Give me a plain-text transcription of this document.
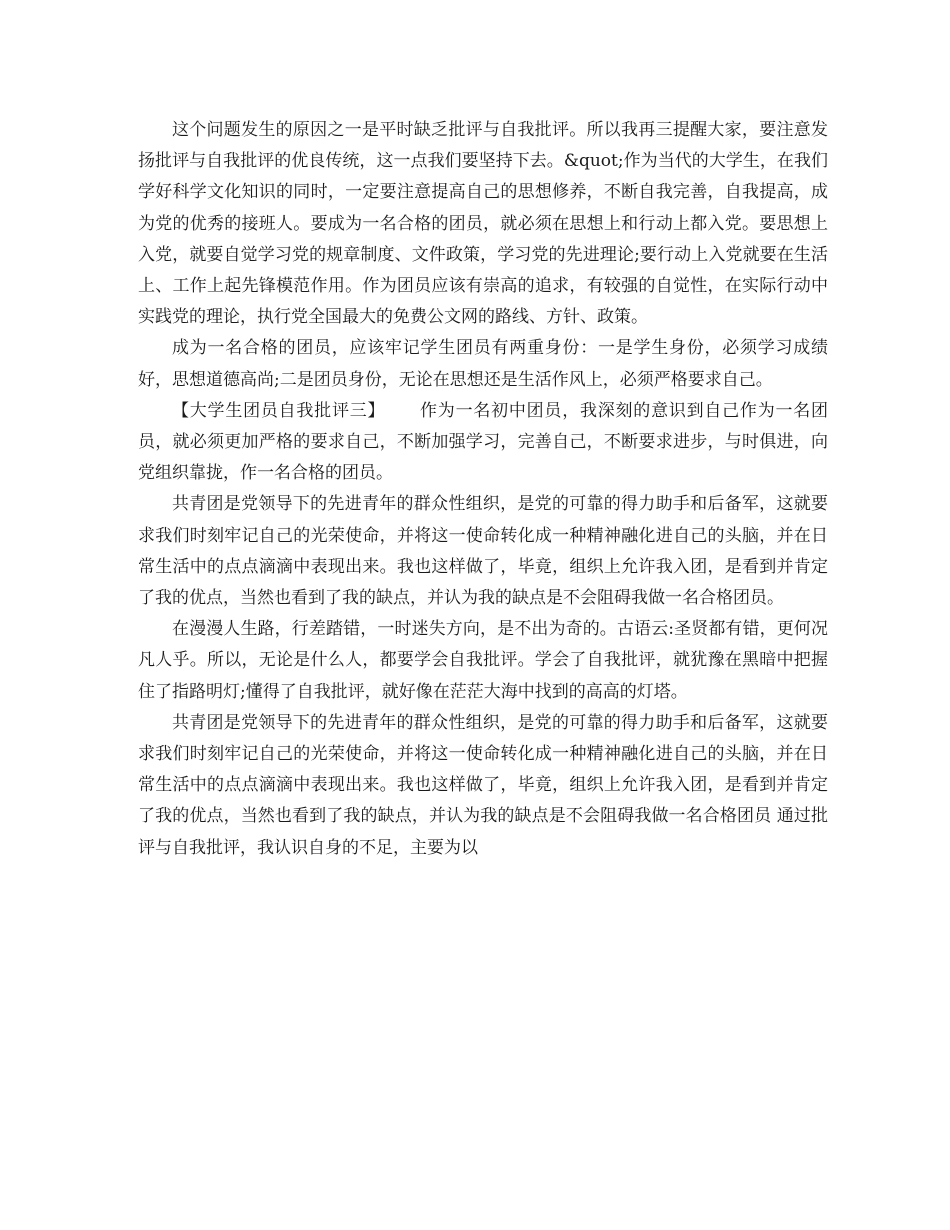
这个问题发生的原因之一是平时缺乏批评与自我批评。所以我再三提醒大家，要注意发扬批评与自我批评的优良传统，这一点我们要坚持下去。&quot;作为当代的大学生，在我们学好科学文化知识的同时，一定要注意提高自己的思想修养，不断自我完善，自我提高，成为党的优秀的接班人。要成为一名合格的团员，就必须在思想上和行动上都入党。要思想上入党，就要自觉学习党的规章制度、文件政策，学习党的先进理论;要行动上入党就要在生活上、工作上起先锋模范作用。作为团员应该有崇高的追求，有较强的自觉性，在实际行动中实践党的理论，执行党全国最大的免费公文网的路线、方针、政策。

成为一名合格的团员，应该牢记学生团员有两重身份：一是学生身份，必须学习成绩好，思想道德高尚;二是团员身份，无论在思想还是生活作风上，必须严格要求自己。

【大学生团员自我批评三】 作为一名初中团员，我深刻的意识到自己作为一名团员，就必须更加严格的要求自己，不断加强学习，完善自己，不断要求进步，与时俱进，向党组织靠拢，作一名合格的团员。

共青团是党领导下的先进青年的群众性组织，是党的可靠的得力助手和后备军，这就要求我们时刻牢记自己的光荣使命，并将这一使命转化成一种精神融化进自己的头脑，并在日常生活中的点点滴滴中表现出来。我也这样做了，毕竟，组织上允许我入团，是看到并肯定了我的优点，当然也看到了我的缺点，并认为我的缺点是不会阻碍我做一名合格团员。

在漫漫人生路，行差踏错，一时迷失方向，是不出为奇的。古语云:圣贤都有错，更何况凡人乎。所以，无论是什么人，都要学会自我批评。学会了自我批评，就犹豫在黑暗中把握住了指路明灯;懂得了自我批评，就好像在茫茫大海中找到的高高的灯塔。

共青团是党领导下的先进青年的群众性组织，是党的可靠的得力助手和后备军，这就要求我们时刻牢记自己的光荣使命，并将这一使命转化成一种精神融化进自己的头脑，并在日常生活中的点点滴滴中表现出来。我也这样做了，毕竟，组织上允许我入团，是看到并肯定了我的优点，当然也看到了我的缺点，并认为我的缺点是不会阻碍我做一名合格团员 通过批评与自我批评，我认识自身的不足，主要为以
